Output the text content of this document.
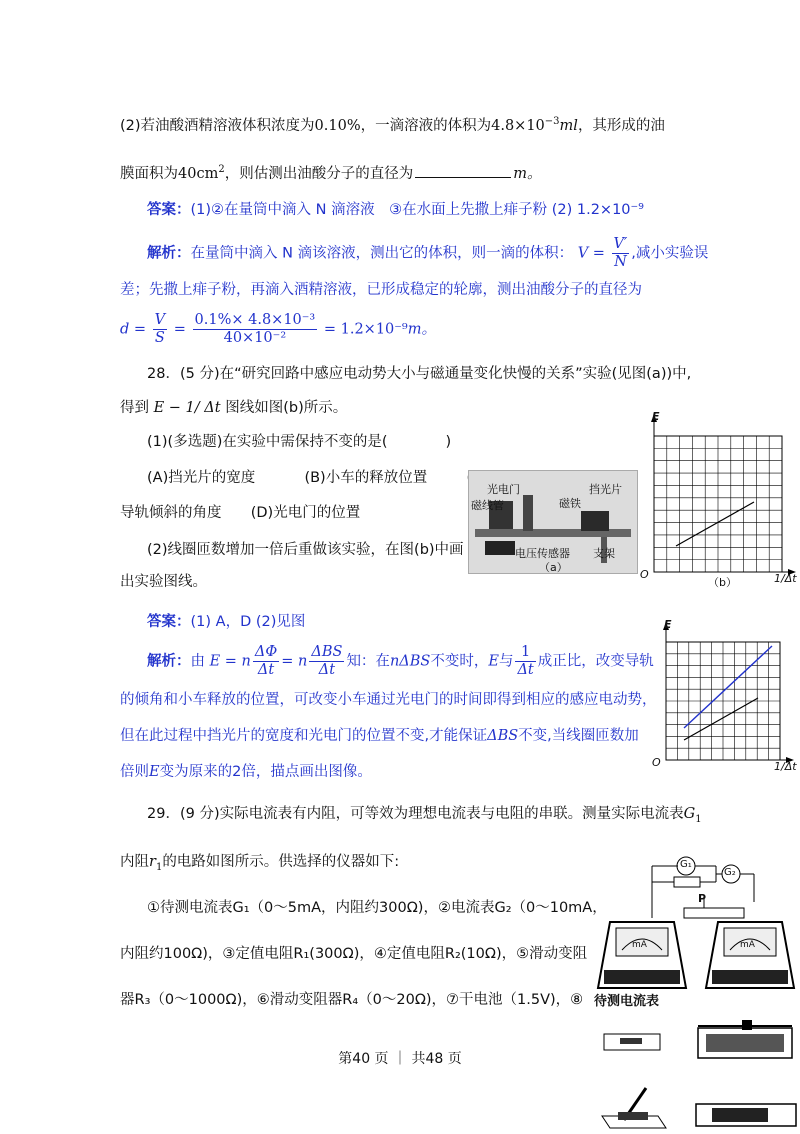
(2)若油酸酒精溶液体积浓度为0.10%，一滴溶液的体积为$4.8\times 10^{-3}ml$，其形成的油
膜面积为$40cm^2$，则估测出油酸分子的直径为	m。
答案：(1)②在量筒中滴入 N 滴溶液　③在水面上先撒上痱子粉 (2) 1.2×10⁻⁹
解析：在量筒中滴入 N 滴该溶液，测出它的体积，则一滴的体积： $V = \frac{V'}{N}$ ,减小实验误
差；先撒上痱子粉，再滴入酒精溶液，已形成稳定的轮廓，测出油酸分子的直径为
$d = \frac{V}{S} = \frac{\text{0.1\%× 4.8×10⁻³}}{\text{40×10⁻²}} = 1.2\times 10^{-9}m$。
28．(5 分)在“研究回路中感应电动势大小与磁通量变化快慢的关系”实验(见图(a))中,
得到 E − 1/ Δt 图线如图(b)所示。
(1)(多选题)在实验中需保持不变的是(	)
(A)挡光片的宽度	(B)小车的释放位置
导轨倾斜的角度 (D)光电门的位置
(2)线圈匝数增加一倍后重做该实验，在图(b)中画
出实验图线。
光电门
磁线管	磁铁
挡光片
电压传感器 支架
（a）
E
1/Δt
O
（b）
答案：(1) A，D (2)见图
解析：由 E = n $\frac{\Delta\Phi}{\Delta t} = n \frac{\text{ΔBS}}{\Delta t}$ 知：在nΔBS不变时，E与 $\frac{1}{\Delta t}$ 成正比，改变导轨
的倾角和小车释放的位置，可改变小车通过光电门的时间即得到相应的感应电动势，
但在此过程中挡光片的宽度和光电门的位置不变,才能保证ΔBS不变,当线圈匝数加
倍则E变为原来的2倍，描点画出图像。
E
1/Δt
O
29．(9 分)实际电流表有内阻，可等效为理想电流表与电阻的串联。测量实际电流表$G_1$
内阻$r_1$的电路如图所示。供选择的仪器如下:
①待测电流表G₁（0～5mA，内阻约300Ω)，②电流表G₂（0～10mA，
内阻约100Ω)，③定值电阻R₁(300Ω)，④定值电阻R₂(10Ω)，⑤滑动变阻
器R₃（0～1000Ω)，⑥滑动变阻器R₄（0～20Ω)，⑦干电池（1.5V)，⑧
G₁
G₂
P
mA	mA
待测电流表
第40 页 ｜ 共48 页
